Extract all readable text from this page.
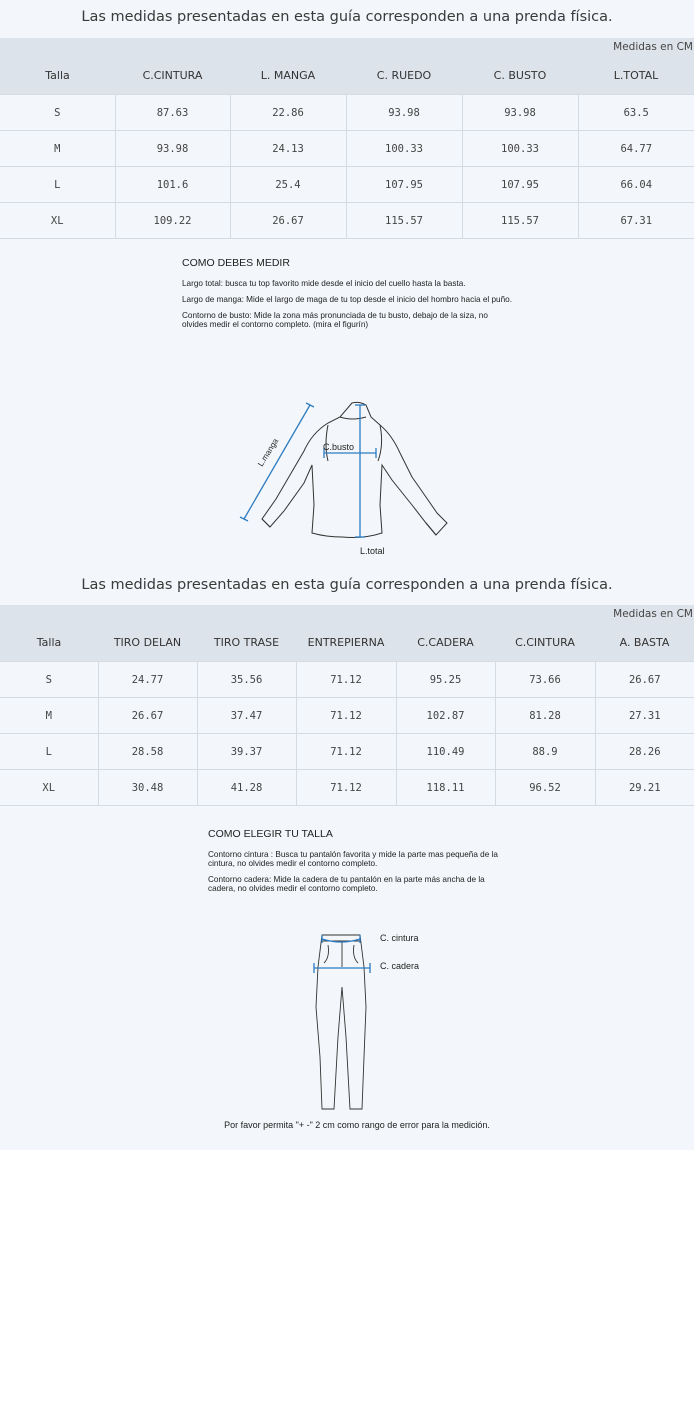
Las medidas presentadas en esta guía corresponden a una prenda física.
Medidas en CM
Talla	C.CINTURA	L. MANGA	C. RUEDO	C. BUSTO	L.TOTAL
S	87.63	22.86	93.98	93.98	63.5
M	93.98	24.13	100.33	100.33	64.77
L	101.6	25.4	107.95	107.95	66.04
XL	109.22	26.67	115.57	115.57	67.31
COMO DEBES MEDIR

Largo total: busca tu top favorito mide desde el inicio del cuello hasta la basta.

Largo de manga: Mide el largo de maga de tu top desde el inicio del hombro hacia el puño.

Contorno de busto: Mide la zona más pronunciada de tu busto, debajo de la siza, no olvides medir el contorno completo. (mira el figurín)

L.manga	C.busto
L.total
Las medidas presentadas en esta guía corresponden a una prenda física.
Medidas en CM
Talla	TIRO DELAN	TIRO TRASE	ENTREPIERNA	C.CADERA	C.CINTURA	A. BASTA
S	24.77	35.56	71.12	95.25	73.66	26.67
M	26.67	37.47	71.12	102.87	81.28	27.31
L	28.58	39.37	71.12	110.49	88.9	28.26
XL	30.48	41.28	71.12	118.11	96.52	29.21
COMO ELEGIR TU TALLA

Contorno cintura : Busca tu pantalón favorita y mide la parte mas pequeña de la cintura, no olvides medir el contorno completo.

Contorno cadera: Mide la cadera de tu pantalón en la parte más ancha de la cadera, no olvides medir el contorno completo.

C. cintura
C. cadera
Por favor permita "+ -" 2 cm como rango de error para la medición.
